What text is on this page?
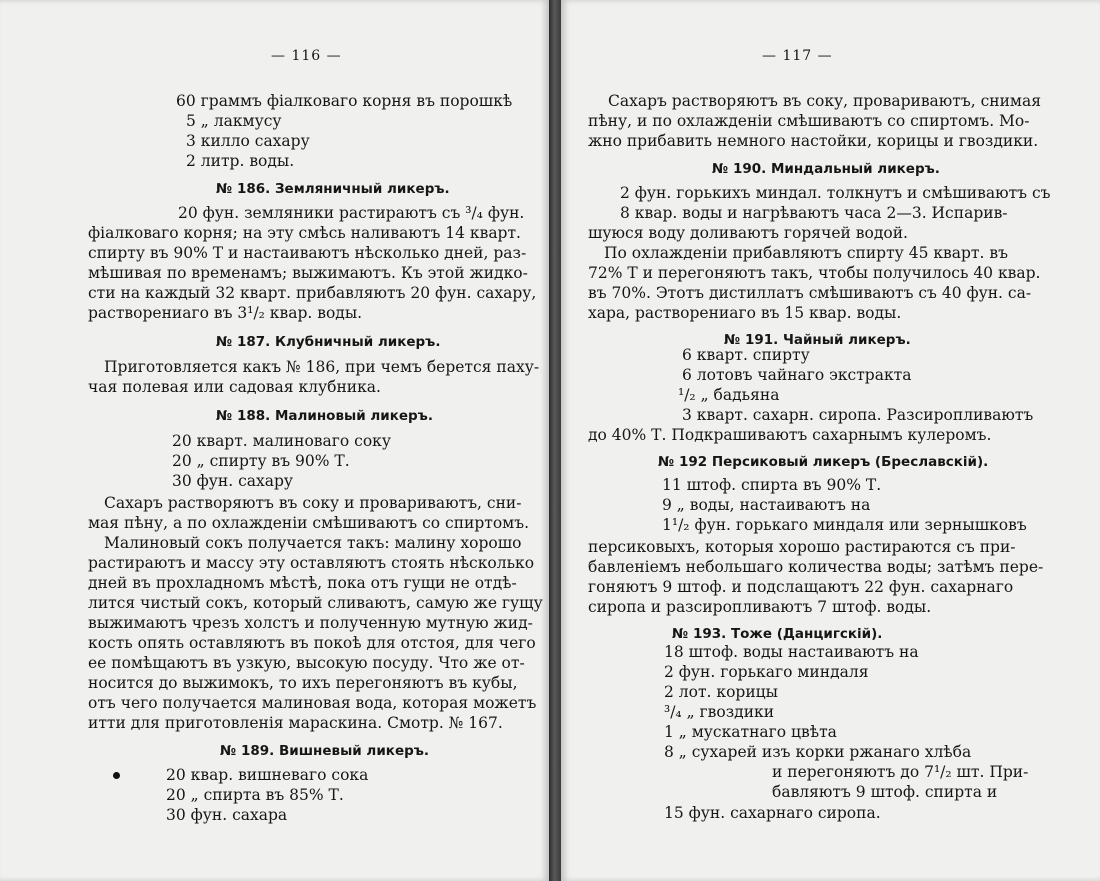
— 116 —
60 граммъ фіалковаго корня въ порошкѣ
5 „ лакмусу
3 килло сахару
2 литр. воды.
№ 186. Земляничный ликеръ.
20 фун. земляники растираютъ съ ³/₄ фун.
фіалковаго корня; на эту смѣсь наливаютъ 14 кварт.
спирту въ 90% Т и настаиваютъ нѣсколько дней, раз-
мѣшивая по временамъ; выжимаютъ. Къ этой жидко-
сти на каждый 32 кварт. прибавляютъ 20 фун. сахару,
растворениаго въ 3¹/₂ квар. воды.
№ 187. Клубничный ликеръ.
Приготовляется какъ № 186, при чемъ берется паху-
чая полевая или садовая клубника.
№ 188. Малиновый ликеръ.
20 кварт. малиноваго соку
20 „ спирту въ 90% Т.
30 фун. сахару
Сахаръ растворяютъ въ соку и провариваютъ, сни-
мая пѣну, а по охлажденіи смѣшиваютъ со спиртомъ.
Малиновый сокъ получается такъ: малину хорошо
растираютъ и массу эту оставляютъ стоять нѣсколько
дней въ прохладномъ мѣстѣ, пока отъ гущи не отдѣ-
лится чистый сокъ, который сливаютъ, самую же гущу
выжимаютъ чрезъ холстъ и полученную мутную жид-
кость опять оставляютъ въ покоѣ для отстоя, для чего
ее помѣщаютъ въ узкую, высокую посуду. Что же от-
носится до выжимокъ, то ихъ перегоняютъ въ кубы,
отъ чего получается малиновая вода, которая можетъ
итти для приготовленія мараскина. Смотр. № 167.
№ 189. Вишневый ликеръ.
20 квар. вишневаго сока
20 „ спирта въ 85% Т.
30 фун. сахара
— 117 —
Сахаръ растворяютъ въ соку, провариваютъ, снимая
пѣну, и по охлажденіи смѣшиваютъ со спиртомъ. Мо-
жно прибавить немного настойки, корицы и гвоздики.
№ 190. Миндальный ликеръ.
2 фун. горькихъ миндал. толкнутъ и смѣшиваютъ съ
8 квар. воды и нагрѣваютъ часа 2—3. Испарив-
шуюся воду доливаютъ горячей водой.
По охлажденіи прибавляютъ спирту 45 кварт. въ
72% Т и перегоняютъ такъ, чтобы получилось 40 квар.
въ 70%. Этотъ дистиллатъ смѣшиваютъ съ 40 фун. са-
хара, растворениаго въ 15 квар. воды.
№ 191. Чайный ликеръ.
6 кварт. спирту
6 лотовъ чайнаго экстракта
¹/₂ „ бадьяна
3 кварт. сахарн. сиропа. Разсиропливаютъ
до 40% Т. Подкрашиваютъ сахарнымъ кулеромъ.
№ 192 Персиковый ликеръ (Бреславскій).
11 штоф. спирта въ 90% Т.
9 „ воды, настаиваютъ на
1¹/₂ фун. горькаго миндаля или зернышковъ
персиковыхъ, которыя хорошо растираются съ при-
бавленіемъ небольшаго количества воды; затѣмъ пере-
гоняютъ 9 штоф. и подслащаютъ 22 фун. сахарнаго
сиропа и разсиропливаютъ 7 штоф. воды.
№ 193. Тоже (Данцигскій).
18 штоф. воды настаиваютъ на
2 фун. горькаго миндаля
2 лот. корицы
³/₄ „ гвоздики
1 „ мускатнаго цвѣта
8 „ сухарей изъ корки ржанаго хлѣба
и перегоняютъ до 7¹/₂ шт. При-
бавляютъ 9 штоф. спирта и
15 фун. сахарнаго сиропа.
